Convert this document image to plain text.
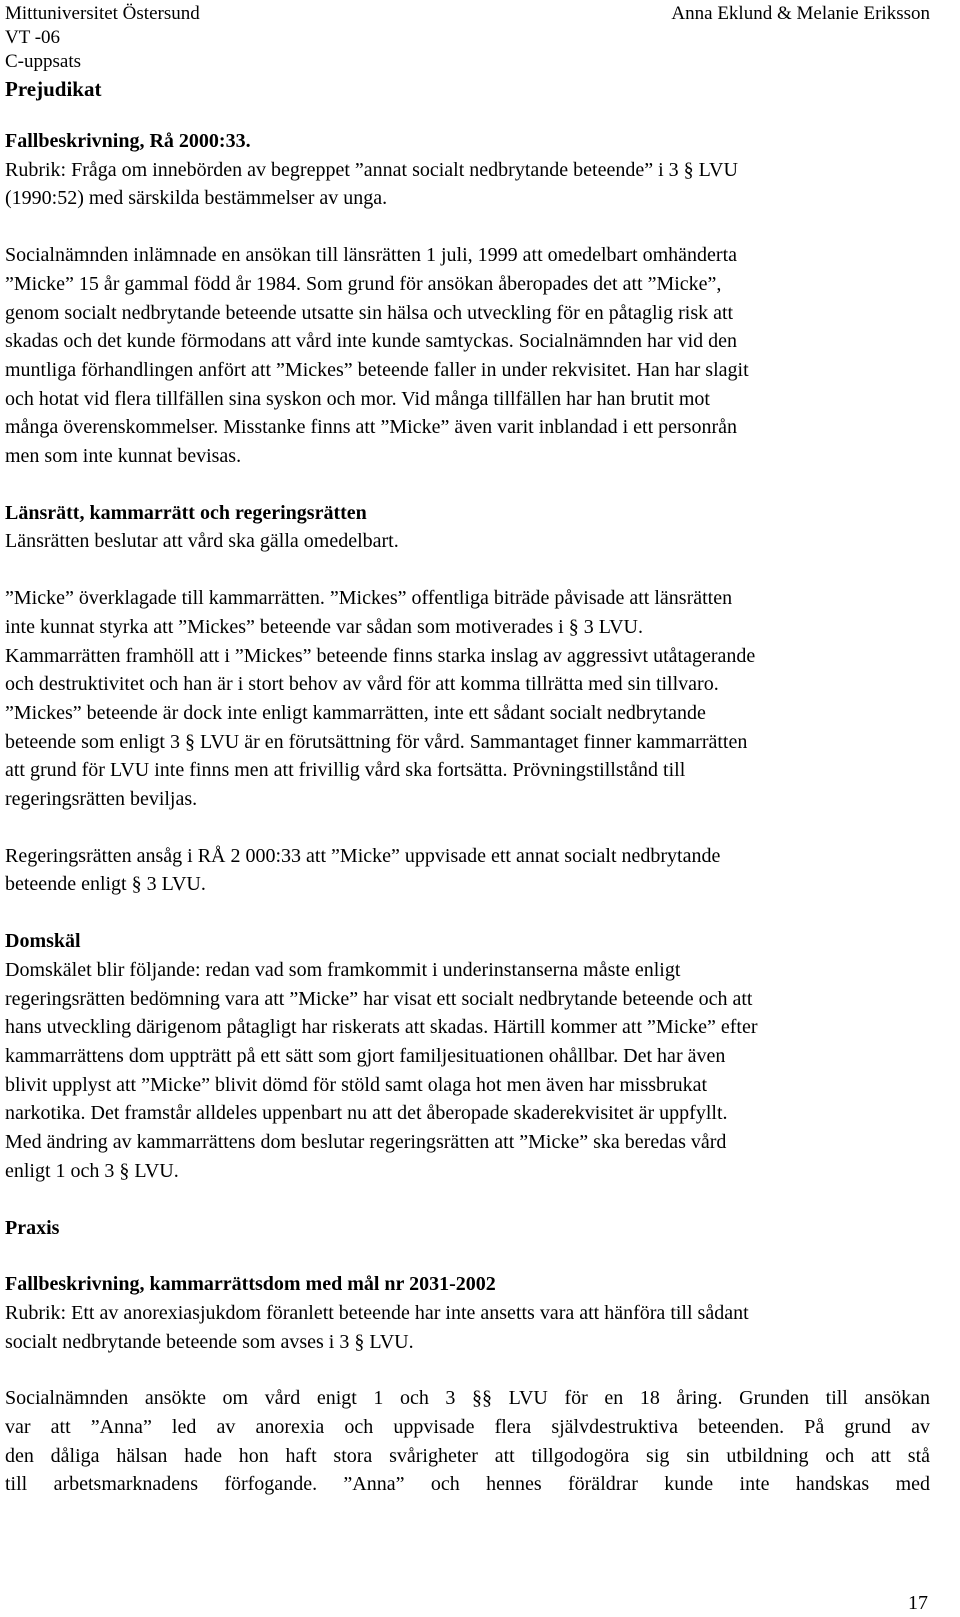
Mittuniversitet Östersund
VT -06
C-uppsats
Prejudikat
Anna Eklund & Melanie Eriksson

Fallbeskrivning, Rå 2000:33.

Rubrik: Fråga om innebörden av begreppet ”annat socialt nedbrytande beteende” i 3 § LVU

(1990:52) med särskilda bestämmelser av unga.

Socialnämnden inlämnade en ansökan till länsrätten 1 juli, 1999 att omedelbart omhänderta

”Micke” 15 år gammal född år 1984. Som grund för ansökan åberopades det att ”Micke”,

genom socialt nedbrytande beteende utsatte sin hälsa och utveckling för en påtaglig risk att

skadas och det kunde förmodans att vård inte kunde samtyckas. Socialnämnden har vid den

muntliga förhandlingen anfört att ”Mickes” beteende faller in under rekvisitet. Han har slagit

och hotat vid flera tillfällen sina syskon och mor. Vid många tillfällen har han brutit mot

många överenskommelser. Misstanke finns att ”Micke” även varit inblandad i ett personrån

men som inte kunnat bevisas.

Länsrätt, kammarrätt och regeringsrätten

Länsrätten beslutar att vård ska gälla omedelbart.

”Micke” överklagade till kammarrätten. ”Mickes” offentliga biträde påvisade att länsrätten

inte kunnat styrka att ”Mickes” beteende var sådan som motiverades i § 3 LVU.

Kammarrätten framhöll att i ”Mickes” beteende finns starka inslag av aggressivt utåtagerande

och destruktivitet och han är i stort behov av vård för att komma tillrätta med sin tillvaro.

”Mickes” beteende är dock inte enligt kammarrätten, inte ett sådant socialt nedbrytande

beteende som enligt 3 § LVU är en förutsättning för vård. Sammantaget finner kammarrätten

att grund för LVU inte finns men att frivillig vård ska fortsätta. Prövningstillstånd till

regeringsrätten beviljas.

Regeringsrätten ansåg i RÅ 2 000:33 att ”Micke” uppvisade ett annat socialt nedbrytande

beteende enligt § 3 LVU.

Domskäl

Domskälet blir följande: redan vad som framkommit i underinstanserna måste enligt

regeringsrätten bedömning vara att ”Micke” har visat ett socialt nedbrytande beteende och att

hans utveckling därigenom påtagligt har riskerats att skadas. Härtill kommer att ”Micke” efter

kammarrättens dom uppträtt på ett sätt som gjort familjesituationen ohållbar. Det har även

blivit upplyst att ”Micke” blivit dömd för stöld samt olaga hot men även har missbrukat

narkotika. Det framstår alldeles uppenbart nu att det åberopade skaderekvisitet är uppfyllt.

Med ändring av kammarrättens dom beslutar regeringsrätten att ”Micke” ska beredas vård

enligt 1 och 3 § LVU.

Praxis

Fallbeskrivning, kammarrättsdom med mål nr 2031-2002

Rubrik: Ett av anorexiasjukdom föranlett beteende har inte ansetts vara att hänföra till sådant

socialt nedbrytande beteende som avses i 3 § LVU.

Socialnämnden ansökte om vård enigt 1 och 3 §§ LVU för en 18 åring. Grunden till ansökan

var att ”Anna” led av anorexia och uppvisade flera självdestruktiva beteenden. På grund av

den dåliga hälsan hade hon haft stora svårigheter att tillgodogöra sig sin utbildning och att stå

till arbetsmarknadens förfogande. ”Anna” och hennes föräldrar kunde inte handskas med

17
